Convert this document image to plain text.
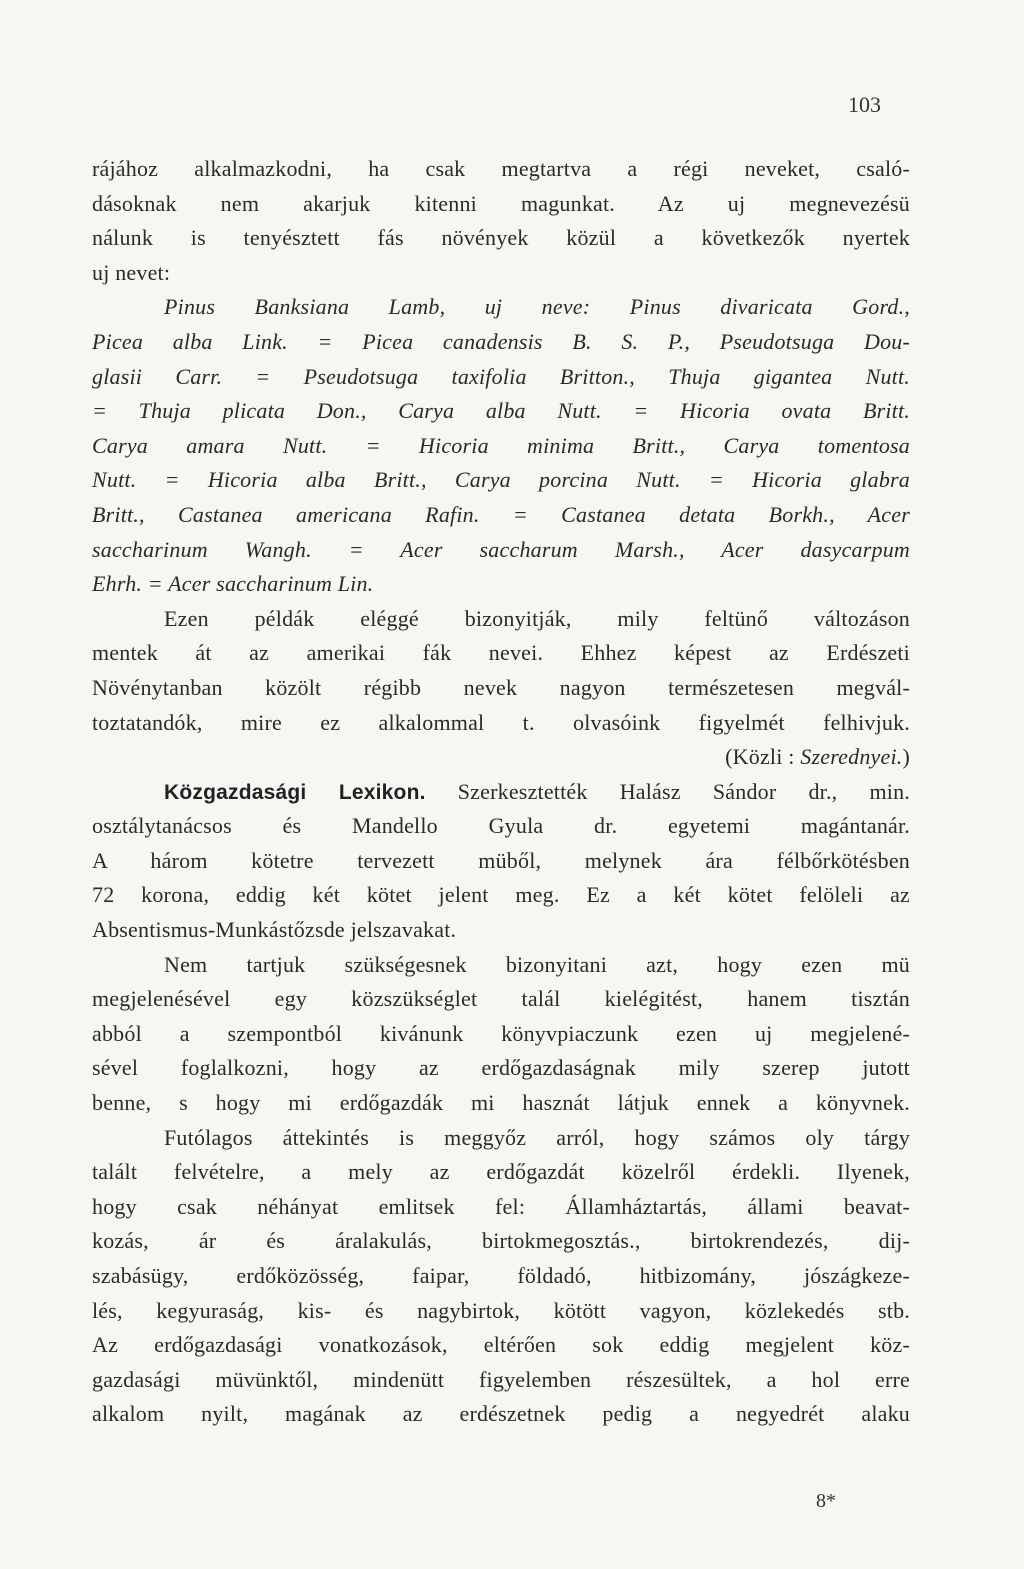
103
rájához alkalmazkodni, ha csak megtartva a régi neveket, csaló-
dásoknak nem akarjuk kitenni magunkat. Az uj megnevezésü
nálunk is tenyésztett fás növények közül a következők nyertek
uj nevet:
Pinus Banksiana Lamb, uj neve: Pinus divaricata Gord.,
Picea alba Link. = Picea canadensis B. S. P., Pseudotsuga Dou-
glasii Carr. = Pseudotsuga taxifolia Britton., Thuja gigantea Nutt.
= Thuja plicata Don., Carya alba Nutt. = Hicoria ovata Britt.
Carya amara Nutt. = Hicoria minima Britt., Carya tomentosa
Nutt. = Hicoria alba Britt., Carya porcina Nutt. = Hicoria glabra
Britt., Castanea americana Rafin. = Castanea detata Borkh., Acer
saccharinum Wangh. = Acer saccharum Marsh., Acer dasycarpum
Ehrh. = Acer saccharinum Lin.
Ezen példák eléggé bizonyitják, mily feltünő változáson
mentek át az amerikai fák nevei. Ehhez képest az Erdészeti
Növénytanban közölt régibb nevek nagyon természetesen megvál-
toztatandók, mire ez alkalommal t. olvasóink figyelmét felhivjuk.
(Közli : Szerednyei.)
Közgazdasági Lexikon. Szerkesztették Halász Sándor dr., min.
osztálytanácsos és Mandello Gyula dr. egyetemi magántanár.
A három kötetre tervezett müből, melynek ára félbőrkötésben
72 korona, eddig két kötet jelent meg. Ez a két kötet felöleli az
Absentismus-Munkástőzsde jelszavakat.
Nem tartjuk szükségesnek bizonyitani azt, hogy ezen mü
megjelenésével egy közszükséglet talál kielégitést, hanem tisztán
abból a szempontból kivánunk könyvpiaczunk ezen uj megjelené-
sével foglalkozni, hogy az erdőgazdaságnak mily szerep jutott
benne, s hogy mi erdőgazdák mi hasznát látjuk ennek a könyvnek.
Futólagos áttekintés is meggyőz arról, hogy számos oly tárgy
talált felvételre, a mely az erdőgazdát közelről érdekli. Ilyenek,
hogy csak néhányat emlitsek fel: Államháztartás, állami beavat-
kozás, ár és áralakulás, birtokmegosztás., birtokrendezés, dij-
szabásügy, erdőközösség, faipar, földadó, hitbizomány, jószágkeze-
lés, kegyuraság, kis- és nagybirtok, kötött vagyon, közlekedés stb.
Az erdőgazdasági vonatkozások, eltérően sok eddig megjelent köz-
gazdasági müvünktől, mindenütt figyelemben részesültek, a hol erre
alkalom nyilt, magának az erdészetnek pedig a negyedrét alaku
8*
